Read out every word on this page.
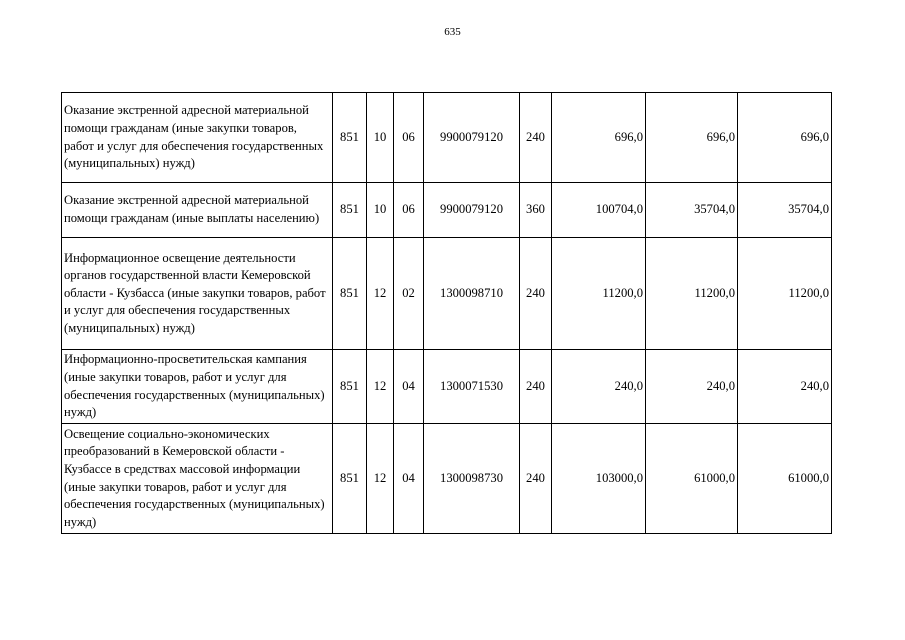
635
Оказание экстренной адресной материальной помощи гражданам (иные закупки товаров, работ и услуг для обеспечения государственных (муниципальных) нужд)	851	10	06	9900079120	240	696,0	696,0	696,0
Оказание экстренной адресной материальной помощи гражданам (иные выплаты населению)	851	10	06	9900079120	360	100704,0	35704,0	35704,0
Информационное освещение деятельности органов государственной власти Кемеровской области - Кузбасса (иные закупки товаров, работ и услуг для обеспечения государственных (муниципальных) нужд)	851	12	02	1300098710	240	11200,0	11200,0	11200,0
Информационно-просветительская кампания (иные закупки товаров, работ и услуг для обеспечения государственных (муниципальных) нужд)	851	12	04	1300071530	240	240,0	240,0	240,0
Освещение социально-экономических преобразований в Кемеровской области - Кузбассе в средствах массовой информации (иные закупки товаров, работ и услуг для обеспечения государственных (муниципальных) нужд)	851	12	04	1300098730	240	103000,0	61000,0	61000,0
